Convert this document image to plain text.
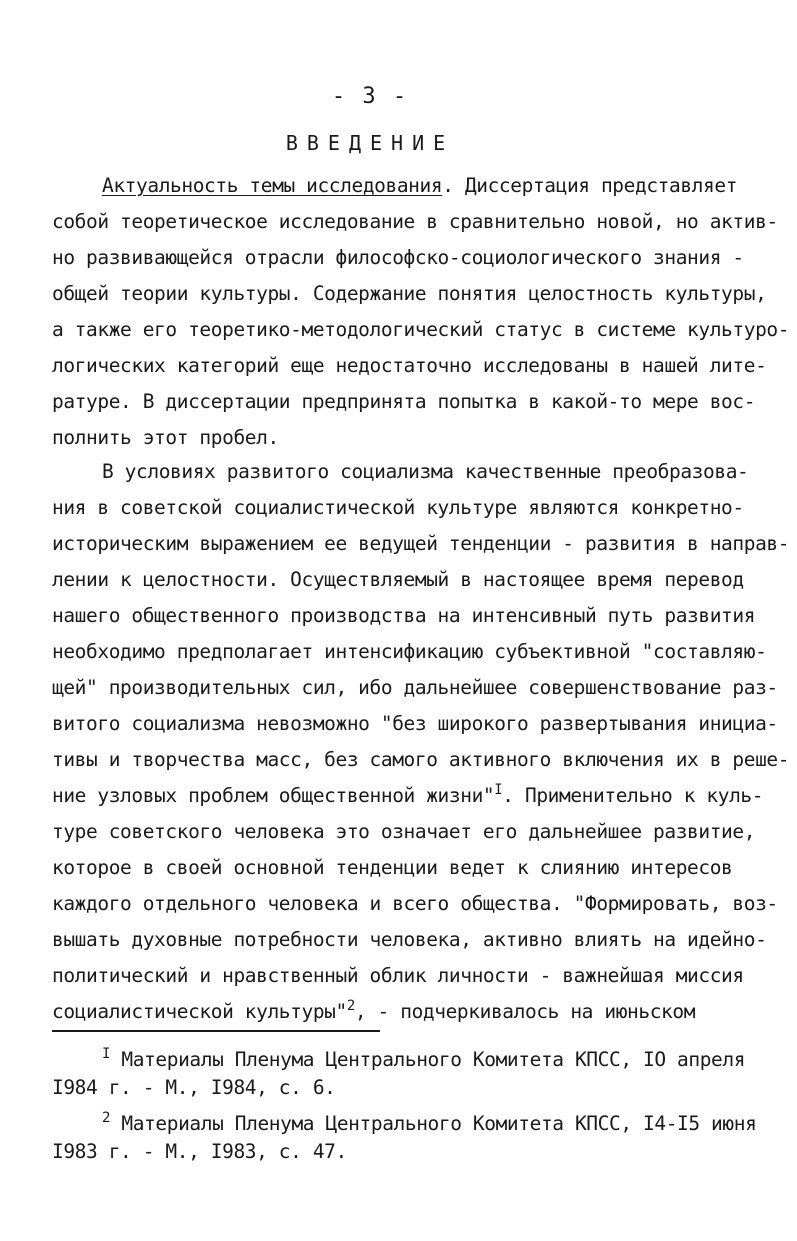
- 3 -
ВВЕДЕНИЕ
Актуальность темы исследования. Диссертация представляет
собой теоретическое исследование в сравнительно новой, но актив-
но развивающейся отрасли философско-социологического знания -
общей теории культуры. Содержание понятия целостность культуры,
а также его теоретико-методологический статус в системе культуро-
логических категорий еще недостаточно исследованы в нашей лите-
ратуре. В диссертации предпринята попытка в какой-то мере вос-
полнить этот пробел.
В условиях развитого социализма качественные преобразова-
ния в советской социалистической культуре являются конкретно-
историческим выражением ее ведущей тенденции - развития в направ-
лении к целостности. Осуществляемый в настоящее время перевод
нашего общественного производства на интенсивный путь развития
необходимо предполагает интенсификацию субъективной "составляю-
щей" производительных сил, ибо дальнейшее совершенствование раз-
витого социализма невозможно "без широкого развертывания инициа-
тивы и творчества масс, без самого активного включения их в реше-
ние узловых проблем общественной жизни"$^I$. Применительно к куль-
туре советского человека это означает его дальнейшее развитие,
которое в своей основной тенденции ведет к слиянию интересов
каждого отдельного человека и всего общества. "Формировать, воз-
вышать духовные потребности человека, активно влиять на идейно-
политический и нравственный облик личности - важнейшая миссия
социалистической культуры"$^2$, - подчеркивалось на июньском
$^I$ Материалы Пленума Центрального Комитета КПСС, IO апреля
I984 г. - М., I984, с. 6.
$^2$ Материалы Пленума Центрального Комитета КПСС, I4-I5 июня
I983 г. - М., I983, с. 47.
